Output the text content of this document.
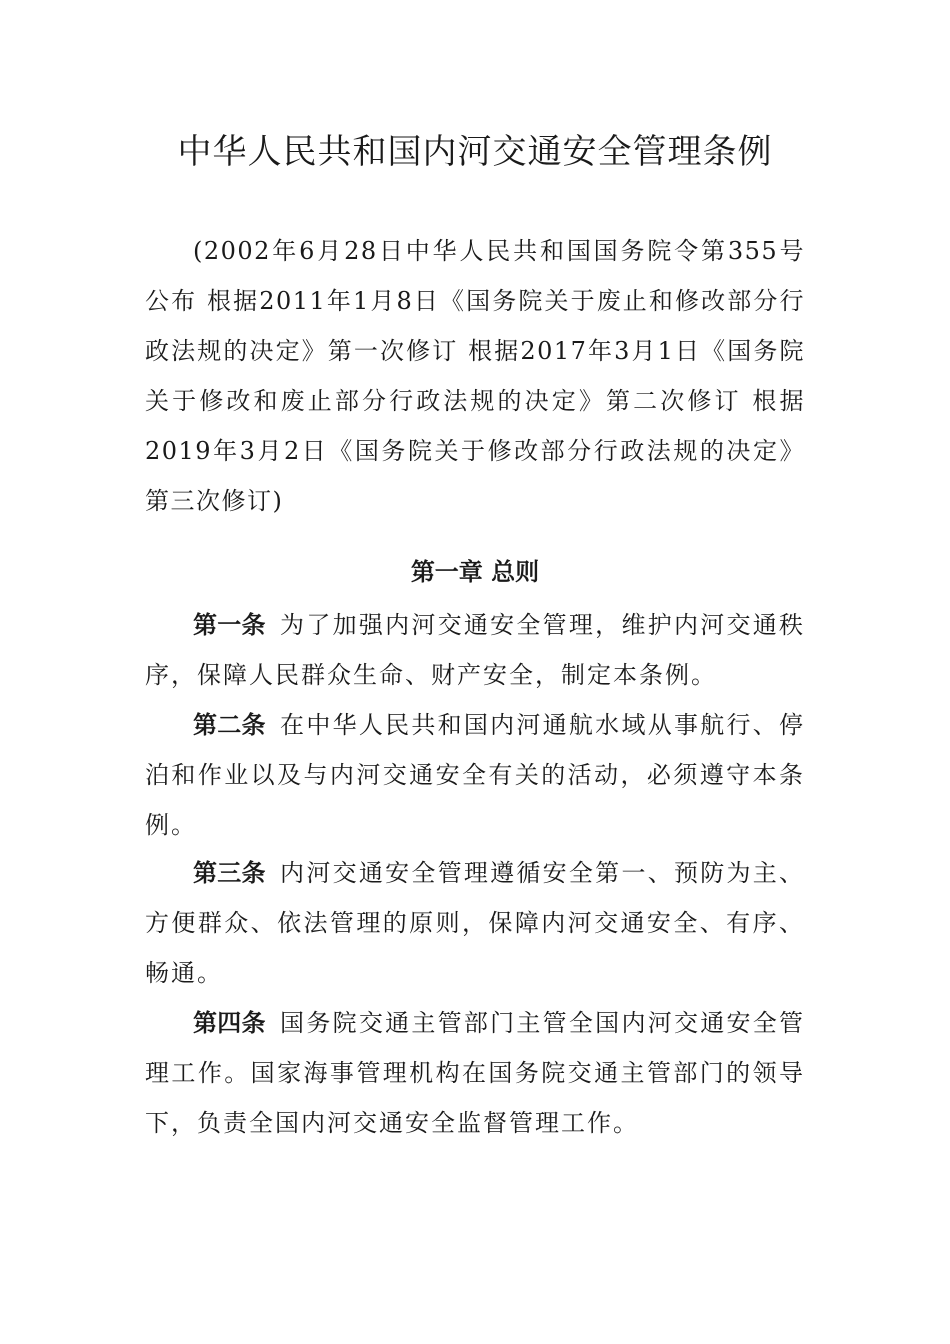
中华人民共和国内河交通安全管理条例

(2002年6月28日中华人民共和国国务院令第355号公布 根据2011年1月8日《国务院关于废止和修改部分行政法规的决定》第一次修订 根据2017年3月1日《国务院关于修改和废止部分行政法规的决定》第二次修订 根据2019年3月2日《国务院关于修改部分行政法规的决定》第三次修订)

第一章 总则

第一条 为了加强内河交通安全管理，维护内河交通秩序，保障人民群众生命、财产安全，制定本条例。

第二条 在中华人民共和国内河通航水域从事航行、停泊和作业以及与内河交通安全有关的活动，必须遵守本条例。

第三条 内河交通安全管理遵循安全第一、预防为主、方便群众、依法管理的原则，保障内河交通安全、有序、畅通。

第四条 国务院交通主管部门主管全国内河交通安全管理工作。国家海事管理机构在国务院交通主管部门的领导下，负责全国内河交通安全监督管理工作。
